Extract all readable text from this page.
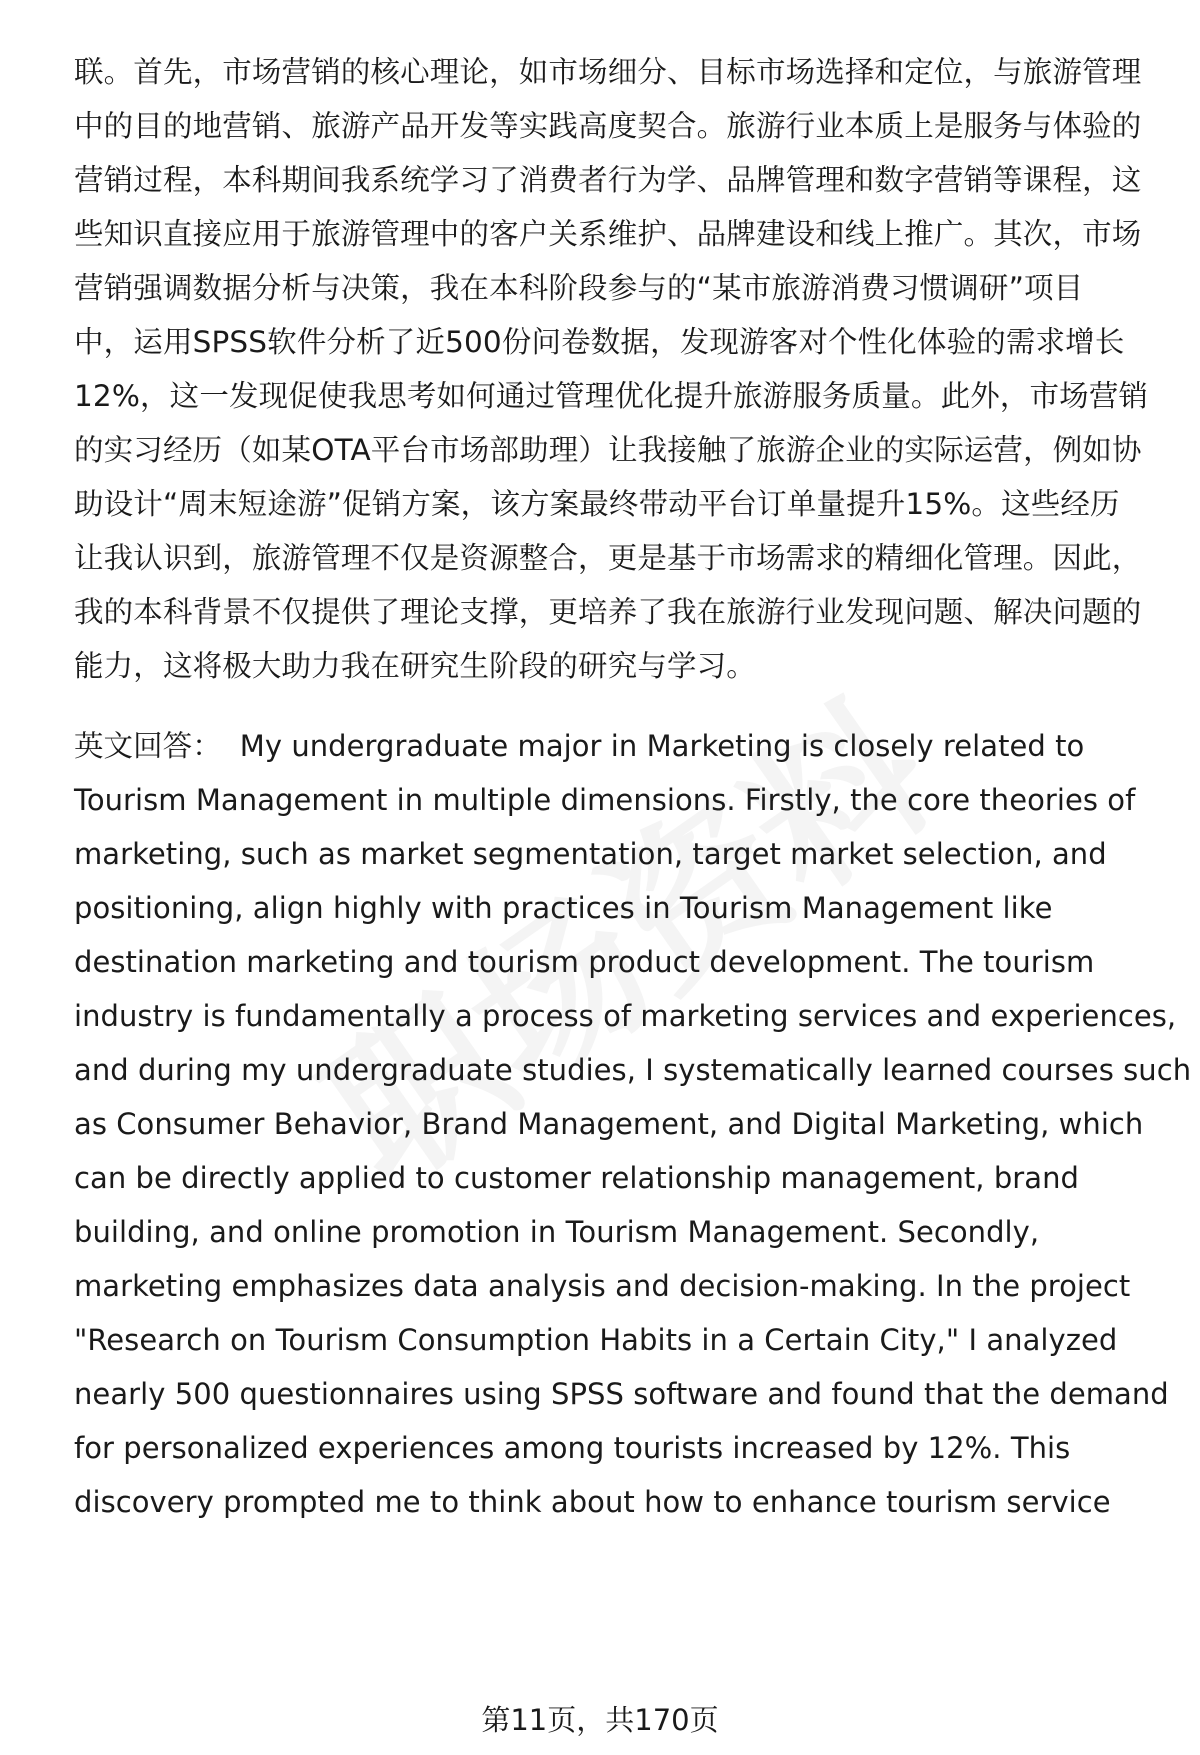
联。首先，市场营销的核心理论，如市场细分、目标市场选择和定位，与旅游管理
中的目的地营销、旅游产品开发等实践高度契合。旅游行业本质上是服务与体验的
营销过程，本科期间我系统学习了消费者行为学、品牌管理和数字营销等课程，这
些知识直接应用于旅游管理中的客户关系维护、品牌建设和线上推广。其次，市场
营销强调数据分析与决策，我在本科阶段参与的“某市旅游消费习惯调研”项目
中，运用SPSS软件分析了近500份问卷数据，发现游客对个性化体验的需求增长
12%，这一发现促使我思考如何通过管理优化提升旅游服务质量。此外，市场营销
的实习经历（如某OTA平台市场部助理）让我接触了旅游企业的实际运营，例如协
助设计“周末短途游”促销方案，该方案最终带动平台订单量提升15%。这些经历
让我认识到，旅游管理不仅是资源整合，更是基于市场需求的精细化管理。因此，
我的本科背景不仅提供了理论支撑，更培养了我在旅游行业发现问题、解决问题的
能力，这将极大助力我在研究生阶段的研究与学习。
英文回答： My undergraduate major in Marketing is closely related to
Tourism Management in multiple dimensions. Firstly, the core theories of
marketing, such as market segmentation, target market selection, and
positioning, align highly with practices in Tourism Management like
destination marketing and tourism product development. The tourism
industry is fundamentally a process of marketing services and experiences,
and during my undergraduate studies, I systematically learned courses such
as Consumer Behavior, Brand Management, and Digital Marketing, which
can be directly applied to customer relationship management, brand
building, and online promotion in Tourism Management. Secondly,
marketing emphasizes data analysis and decision-making. In the project
"Research on Tourism Consumption Habits in a Certain City," I analyzed
nearly 500 questionnaires using SPSS software and found that the demand
for personalized experiences among tourists increased by 12%. This
discovery prompted me to think about how to enhance tourism service
第11页，共170页
